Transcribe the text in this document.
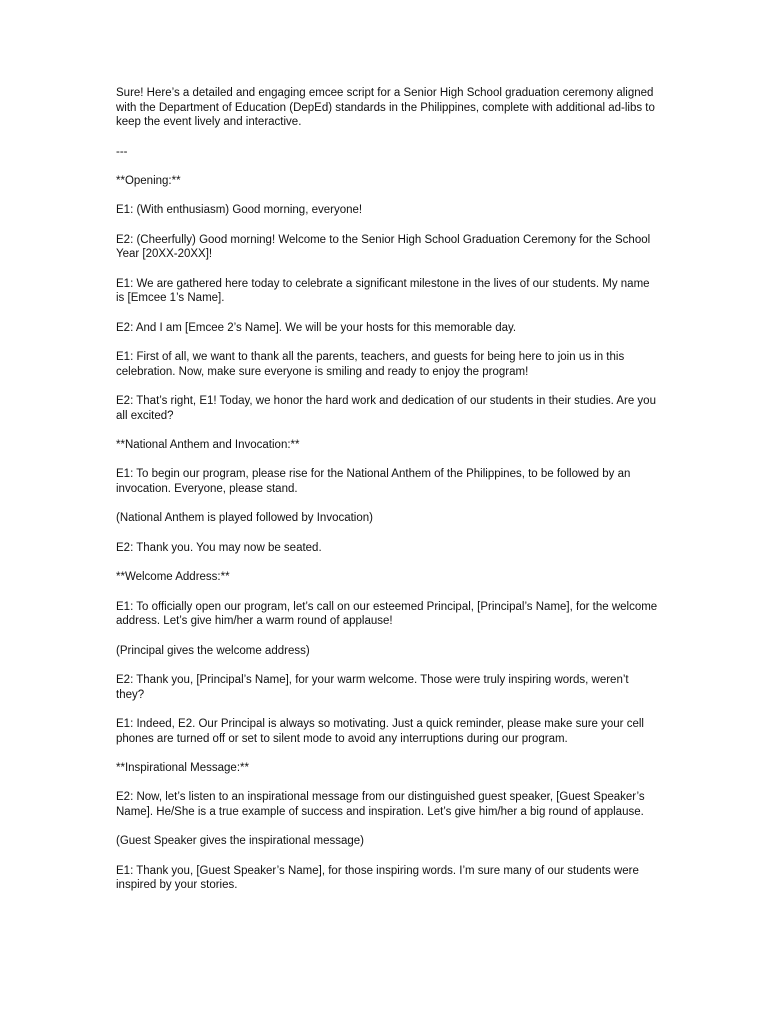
Sure! Here’s a detailed and engaging emcee script for a Senior High School graduation ceremony aligned with the Department of Education (DepEd) standards in the Philippines, complete with additional ad-libs to keep the event lively and interactive.

---

**Opening:**

E1: (With enthusiasm) Good morning, everyone!

E2: (Cheerfully) Good morning! Welcome to the Senior High School Graduation Ceremony for the School Year [20XX-20XX]!

E1: We are gathered here today to celebrate a significant milestone in the lives of our students. My name is [Emcee 1’s Name].

E2: And I am [Emcee 2’s Name]. We will be your hosts for this memorable day.

E1: First of all, we want to thank all the parents, teachers, and guests for being here to join us in this celebration. Now, make sure everyone is smiling and ready to enjoy the program!

E2: That’s right, E1! Today, we honor the hard work and dedication of our students in their studies. Are you all excited?

**National Anthem and Invocation:**

E1: To begin our program, please rise for the National Anthem of the Philippines, to be followed by an invocation. Everyone, please stand.

(National Anthem is played followed by Invocation)

E2: Thank you. You may now be seated.

**Welcome Address:**

E1: To officially open our program, let’s call on our esteemed Principal, [Principal’s Name], for the welcome address. Let’s give him/her a warm round of applause!

(Principal gives the welcome address)

E2: Thank you, [Principal’s Name], for your warm welcome. Those were truly inspiring words, weren’t they?

E1: Indeed, E2. Our Principal is always so motivating. Just a quick reminder, please make sure your cell phones are turned off or set to silent mode to avoid any interruptions during our program.

**Inspirational Message:**

E2: Now, let’s listen to an inspirational message from our distinguished guest speaker, [Guest Speaker’s Name]. He/She is a true example of success and inspiration. Let’s give him/her a big round of applause.

(Guest Speaker gives the inspirational message)

E1: Thank you, [Guest Speaker’s Name], for those inspiring words. I’m sure many of our students were inspired by your stories.
